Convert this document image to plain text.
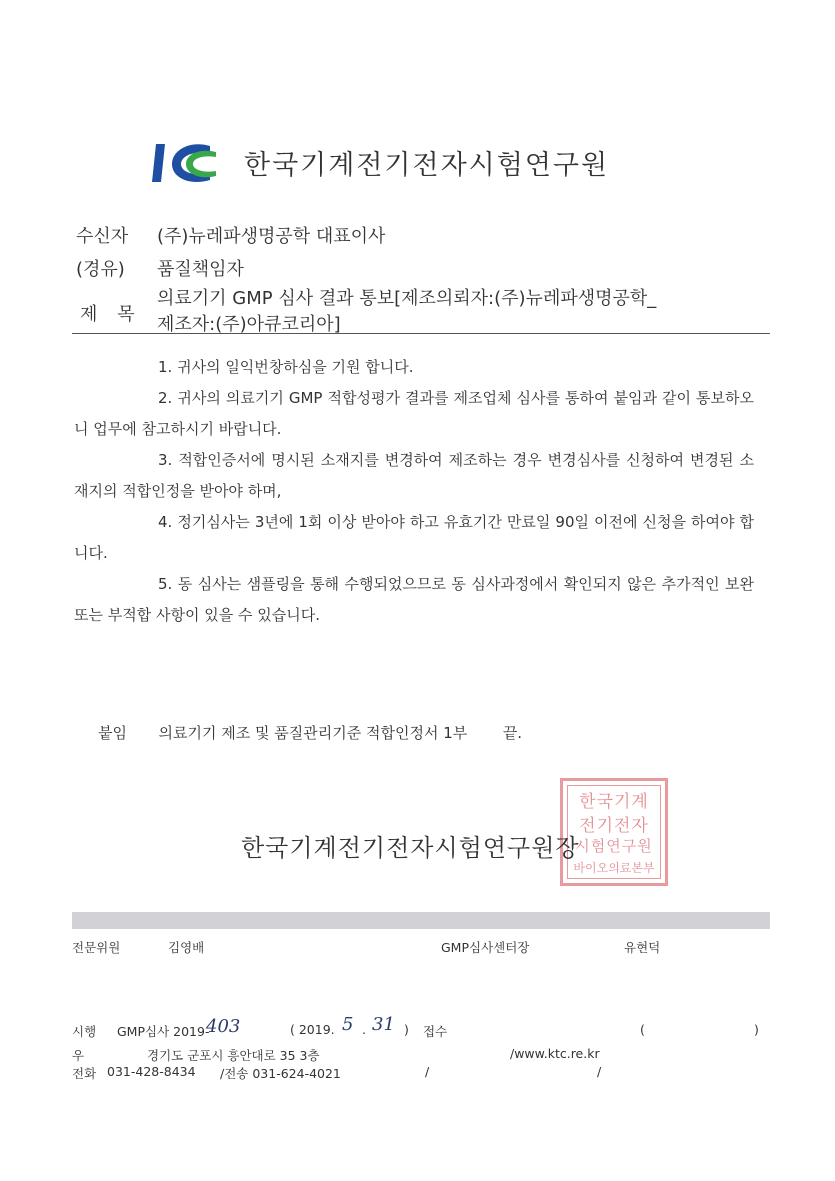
한국기계전기전자시험연구원
수신자 (주)뉴레파생명공학 대표이사
(경유) 품질책임자
제 목
의료기기 GMP 심사 결과 통보[제조의뢰자:(주)뉴레파생명공학_
제조자:(주)아큐코리아]

1. 귀사의 일익번창하심을 기원 합니다.

2. 귀사의 의료기기 GMP 적합성평가 결과를 제조업체 심사를 통하여 붙임과 같이 통보하오니 업무에 참고하시기 바랍니다.

3. 적합인증서에 명시된 소재지를 변경하여 제조하는 경우 변경심사를 신청하여 변경된 소재지의 적합인정을 받아야 하며,

4. 정기심사는 3년에 1회 이상 받아야 하고 유효기간 만료일 90일 이전에 신청을 하여야 합니다.

5. 동 심사는 샘플링을 통해 수행되었으므로 동 심사과정에서 확인되지 않은 추가적인 보완 또는 부적합 사항이 있을 수 있습니다.

붙임 의료기기 제조 및 품질관리기준 적합인정서 1부 끝.
한국기계
전기전자
시험연구원
바이오의료본부
한국기계전기전자시험연구원장
전문위원	김영배	GMP심사센터장	유현덕
시행 GMP심사 2019-
403	( 2019. 5 . 31 ) 접수	(	)
우	경기도 군포시 흥안대로 35 3층	/www.ktc.re.kr
전화 031-428-8434 /전송 031-624-4021	/	/
